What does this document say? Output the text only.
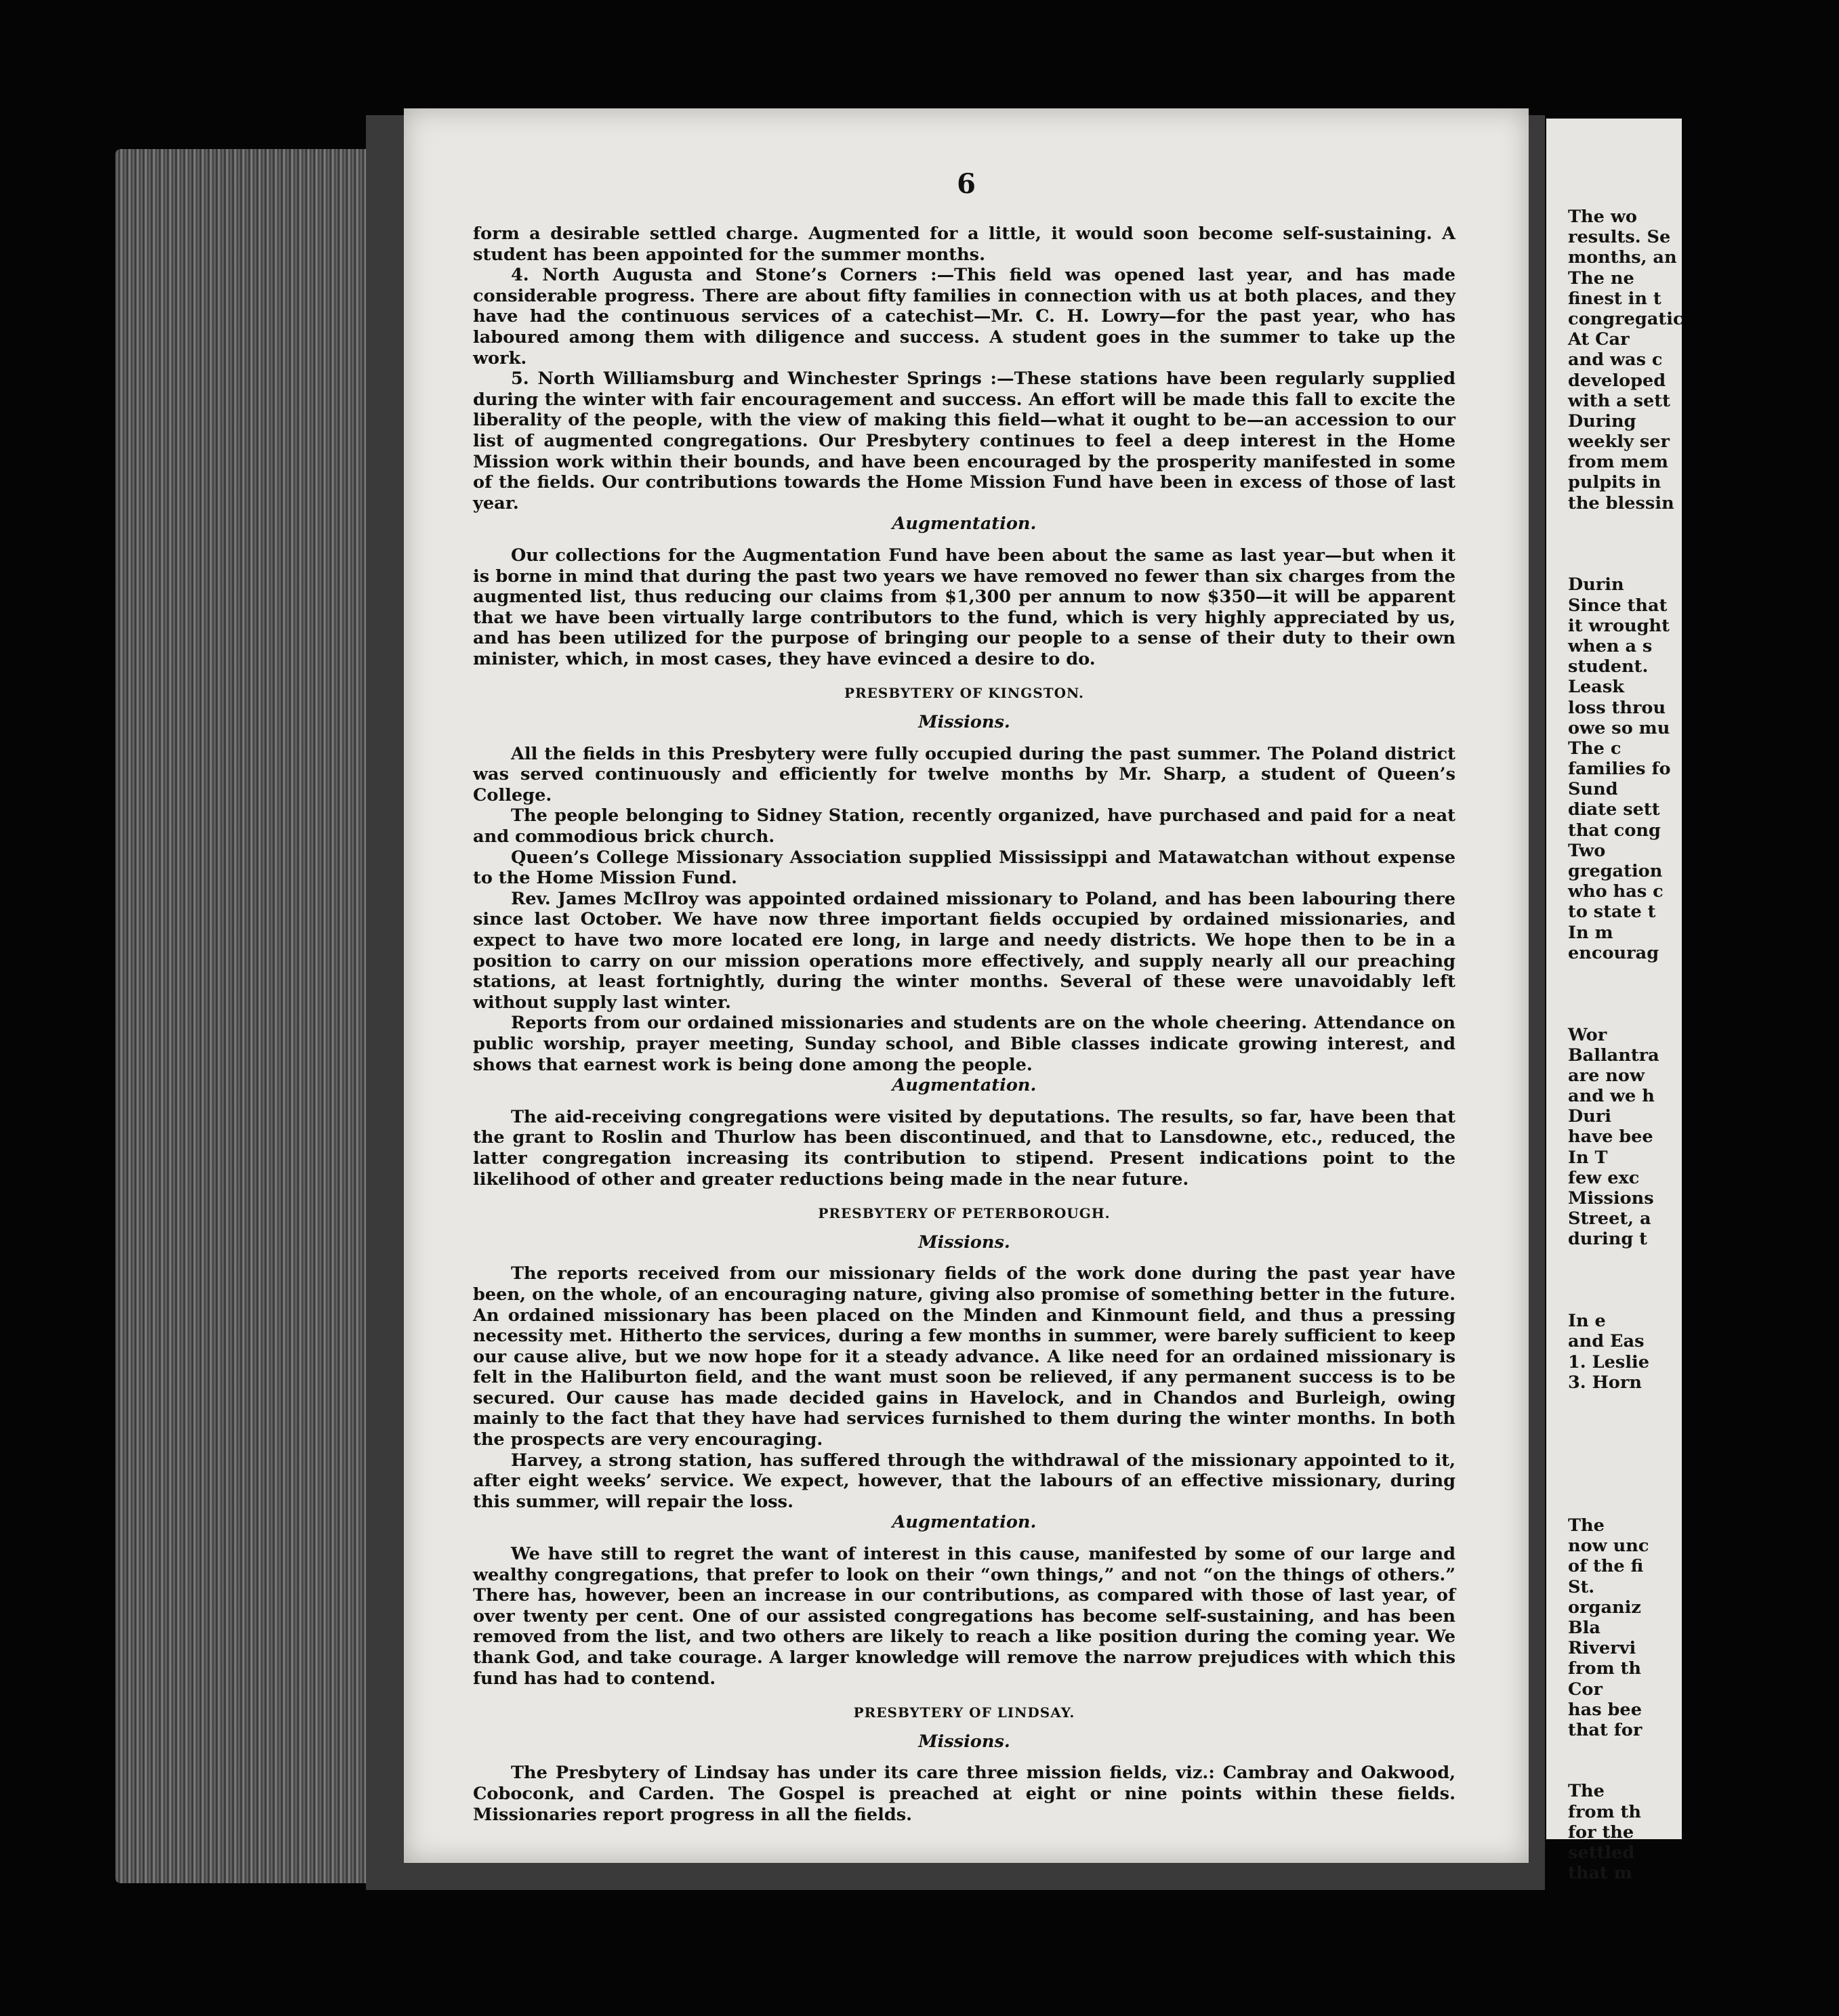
6

form a desirable settled charge. Augmented for a little, it would soon become self-sustaining. A student has been appointed for the summer months.

4. North Augusta and Stone’s Corners :—This field was opened last year, and has made considerable progress. There are about fifty families in connection with us at both places, and they have had the continuous services of a catechist—Mr. C. H. Lowry—for the past year, who has laboured among them with diligence and success. A student goes in the summer to take up the work.

5. North Williamsburg and Winchester Springs :—These stations have been regularly supplied during the winter with fair encouragement and success. An effort will be made this fall to excite the liberality of the people, with the view of making this field—what it ought to be—an accession to our list of augmented congregations. Our Presbytery continues to feel a deep interest in the Home Mission work within their bounds, and have been encouraged by the prosperity manifested in some of the fields. Our contributions towards the Home Mission Fund have been in excess of those of last year.

Augmentation.

Our collections for the Augmentation Fund have been about the same as last year—but when it is borne in mind that during the past two years we have removed no fewer than six charges from the augmented list, thus reducing our claims from $1,300 per annum to now $350—it will be apparent that we have been virtually large contributors to the fund, which is very highly appreciated by us, and has been utilized for the purpose of bringing our people to a sense of their duty to their own minister, which, in most cases, they have evinced a desire to do.

PRESBYTERY OF KINGSTON.
Missions.

All the fields in this Presbytery were fully occupied during the past summer. The Poland district was served continuously and efficiently for twelve months by Mr. Sharp, a student of Queen’s College.

The people belonging to Sidney Station, recently organized, have purchased and paid for a neat and commodious brick church.

Queen’s College Missionary Association supplied Mississippi and Matawatchan without expense to the Home Mission Fund.

Rev. James McIlroy was appointed ordained missionary to Poland, and has been labouring there since last October. We have now three important fields occupied by ordained missionaries, and expect to have two more located ere long, in large and needy districts. We hope then to be in a position to carry on our mission operations more effectively, and supply nearly all our preaching stations, at least fortnightly, during the winter months. Several of these were unavoidably left without supply last winter.

Reports from our ordained missionaries and students are on the whole cheering. Attendance on public worship, prayer meeting, Sunday school, and Bible classes indicate growing interest, and shows that earnest work is being done among the people.

Augmentation.

The aid-receiving congregations were visited by deputations. The results, so far, have been that the grant to Roslin and Thurlow has been discontinued, and that to Lansdowne, etc., reduced, the latter congregation increasing its contribution to stipend. Present indications point to the likelihood of other and greater reductions being made in the near future.

PRESBYTERY OF PETERBOROUGH.
Missions.

The reports received from our missionary fields of the work done during the past year have been, on the whole, of an encouraging nature, giving also promise of something better in the future. An ordained missionary has been placed on the Minden and Kinmount field, and thus a pressing necessity met. Hitherto the services, during a few months in summer, were barely sufficient to keep our cause alive, but we now hope for it a steady advance. A like need for an ordained missionary is felt in the Haliburton field, and the want must soon be relieved, if any permanent success is to be secured. Our cause has made decided gains in Havelock, and in Chandos and Burleigh, owing mainly to the fact that they have had services furnished to them during the winter months. In both the prospects are very encouraging.

Harvey, a strong station, has suffered through the withdrawal of the missionary appointed to it, after eight weeks’ service. We expect, however, that the labours of an effective missionary, during this summer, will repair the loss.

Augmentation.

We have still to regret the want of interest in this cause, manifested by some of our large and wealthy congregations, that prefer to look on their “own things,” and not “on the things of others.” There has, however, been an increase in our contributions, as compared with those of last year, of over twenty per cent. One of our assisted congregations has become self-sustaining, and has been removed from the list, and two others are likely to reach a like position during the coming year. We thank God, and take courage. A larger knowledge will remove the narrow prejudices with which this fund has had to contend.

PRESBYTERY OF LINDSAY.
Missions.

The Presbytery of Lindsay has under its care three mission fields, viz.: Cambray and Oakwood, Coboconk, and Carden. The Gospel is preached at eight or nine points within these fields. Missionaries report progress in all the fields.

The wo
results. Se
months, an
The ne
finest in t
congregatic
At Car
and was c
developed
with a sett
During
weekly ser
from mem
pulpits in
the blessin
Durin
Since that
it wrought
when a s
student.
Leask
loss throu
owe so mu
The c
families fo
Sund
diate sett
that cong
Two
gregation
who has c
to state t
In m
encourag
Wor
Ballantra
are now
and we h
Duri
have bee
In T
few exc
Missions
Street, a
during t
In e
and Eas
1. Leslie
3. Horn
The
now unc
of the fi
St.
organiz
Bla
Rivervi
from th
Cor
has bee
that for
The
from th
for the
settled
that m
